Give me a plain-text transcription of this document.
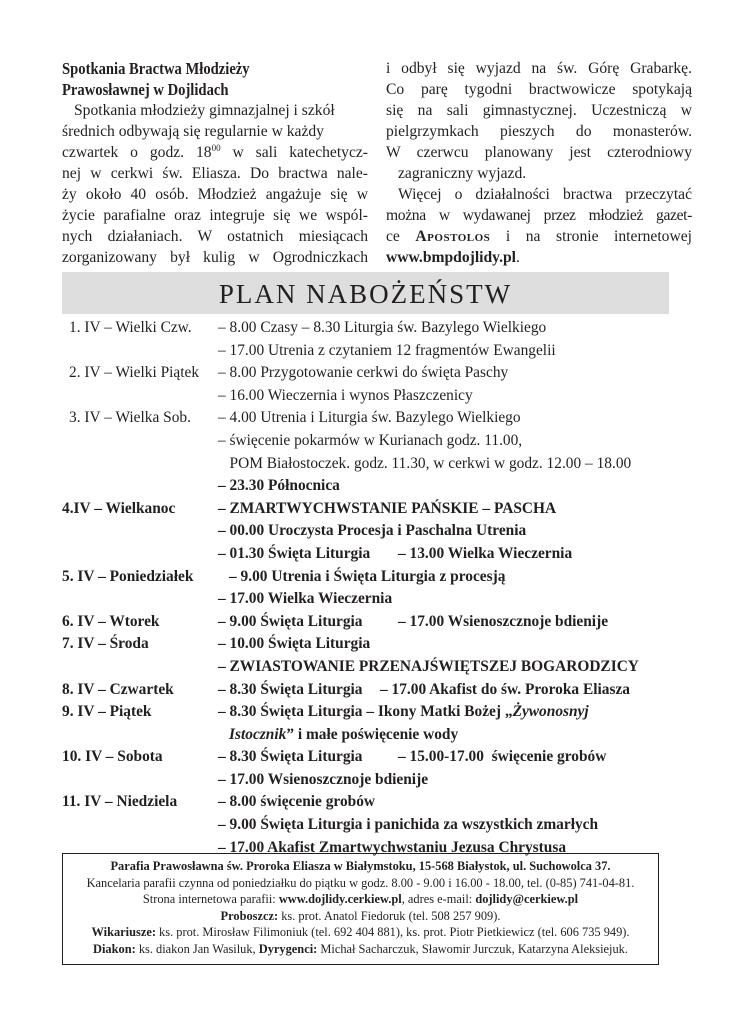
Spotkania Bractwa Młodzieży
Prawosławnej w Dojlidach

Spotkania młodzieży gimnazjalnej i szkół

średnich odbywają się regularnie w każdy

czwartek o godz. $18^{00}$ w sali katechetycz-

nej w cerkwi św. Eliasza. Do bractwa nale-

ży około 40 osób. Młodzież angażuje się w

życie parafialne oraz integruje się we wspól-

nych działaniach. W ostatnich miesiącach

zorganizowany był kulig w Ogrodniczkach

i odbył się wyjazd na św. Górę Grabarkę.

Co parę tygodni bractwowicze spotykają

się na sali gimnastycznej. Uczestniczą w

pielgrzymkach pieszych do monasterów.

W czerwcu planowany jest czterodniowy

zagraniczny wyjazd.

Więcej o działalności bractwa przeczytać

można w wydawanej przez młodzież gazet-

ce Apostolos i na stronie internetowej

www.bmpdojlidy.pl.

PLAN NABOŻEŃSTW
1. IV – Wielki Czw. – 8.00 Czasy – 8.30 Liturgia św. Bazylego Wielkiego
– 17.00 Utrenia z czytaniem 12 fragmentów Ewangelii
2. IV – Wielki Piątek – 8.00 Przygotowanie cerkwi do święta Paschy
– 16.00 Wieczernia i wynos Płaszczenicy
3. IV – Wielka Sob. – 4.00 Utrenia i Liturgia św. Bazylego Wielkiego
– święcenie pokarmów w Kurianach godz. 11.00,
POM Białostoczek. godz. 11.30, w cerkwi w godz. 12.00 – 18.00
– 23.30 Północnica
4.IV – Wielkanoc	– ZMARTWYCHWSTANIE PAŃSKIE – PASCHA
– 00.00 Uroczysta Procesja i Paschalna Utrenia
– 01.30 Święta Liturgia – 13.00 Wielka Wieczernia
5. IV – Poniedziałek – 9.00 Utrenia i Święta Liturgia z procesją
– 17.00 Wielka Wieczernia
6. IV – Wtorek	– 9.00 Święta Liturgia – 17.00 Wsienoszcznoje bdienije
7. IV – Środa	– 10.00 Święta Liturgia
– ZWIASTOWANIE PRZENAJŚWIĘTSZEJ BOGARODZICY
8. IV – Czwartek	– 8.30 Święta Liturgia – 17.00 Akafist do św. Proroka Eliasza
9. IV – Piątek	– 8.30 Święta Liturgia – Ikony Matki Bożej „Żywonosnyj
Istocznik” i małe poświęcenie wody
10. IV – Sobota	– 8.30 Święta Liturgia – 15.00-17.00  święcenie grobów
– 17.00 Wsienoszcznoje bdienije
11. IV – Niedziela	– 8.00 święcenie grobów
– 9.00 Święta Liturgia i panichida za wszystkich zmarłych
– 17.00 Akafist Zmartwychwstaniu Jezusa Chrystusa
Parafia Prawosławna św. Proroka Eliasza w Białymstoku, 15-568 Białystok, ul. Suchowolca 37.
Kancelaria parafii czynna od poniedziałku do piątku w godz. 8.00 - 9.00 i 16.00 - 18.00, tel. (0-85) 741-04-81.
Strona internetowa parafii: www.dojlidy.cerkiew.pl, adres e-mail: dojlidy@cerkiew.pl
Proboszcz: ks. prot. Anatol Fiedoruk (tel. 508 257 909).
Wikariusze: ks. prot. Mirosław Filimoniuk (tel. 692 404 881), ks. prot. Piotr Pietkiewicz (tel. 606 735 949).
Diakon: ks. diakon Jan Wasiluk, Dyrygenci: Michał Sacharczuk, Sławomir Jurczuk, Katarzyna Aleksiejuk.
